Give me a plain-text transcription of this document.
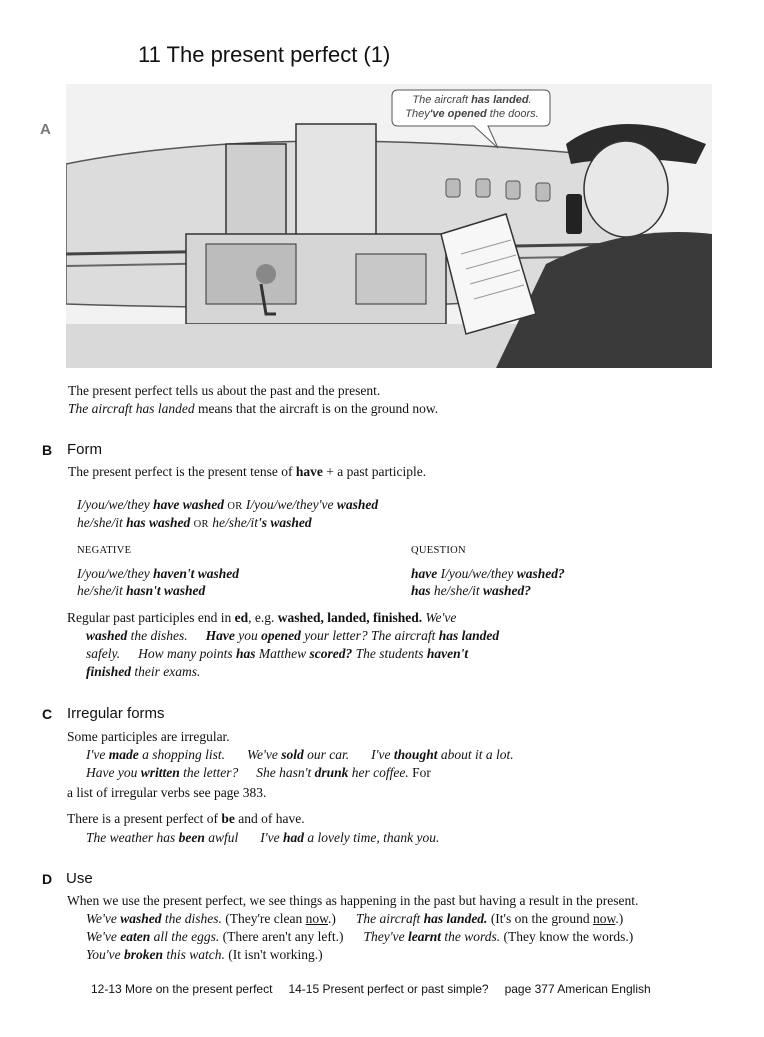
11 The present perfect (1)
A
The aircraft has landed.
They've opened the doors.
The present perfect tells us about the past and the present.
The aircraft has landed means that the aircraft is on the ground now.
B Form
The present perfect is the present tense of have + a past participle.
I/you/we/they have washed OR I/you/we/they've washed
he/she/it has washed OR he/she/it's washed
NEGATIVE	QUESTION
I/you/we/they haven't washed
he/she/it hasn't washed
have I/you/we/they washed?
has he/she/it washed?
Regular past participles end in ed, e.g. washed, landed, finished. We've
washed the dishes. Have you opened your letter? The aircraft has landed
safely. How many points has Matthew scored? The students haven't
finished their exams.
C Irregular forms
Some participles are irregular.
I've made a shopping list. We've sold our car. I've thought about it a lot.
Have you written the letter? She hasn't drunk her coffee. For
a list of irregular verbs see page 383.
There is a present perfect of be and of have.
The weather has been awful I've had a lovely time, thank you.
D Use
When we use the present perfect, we see things as happening in the past but having a result in the present.
We've washed the dishes. (They're clean now.) The aircraft has landed. (It's on the ground now.)
We've eaten all the eggs. (There aren't any left.) They've learnt the words. (They know the words.)
You've broken this watch. (It isn't working.)
12-13 More on the present perfect 14-15 Present perfect or past simple? page 377 American English
